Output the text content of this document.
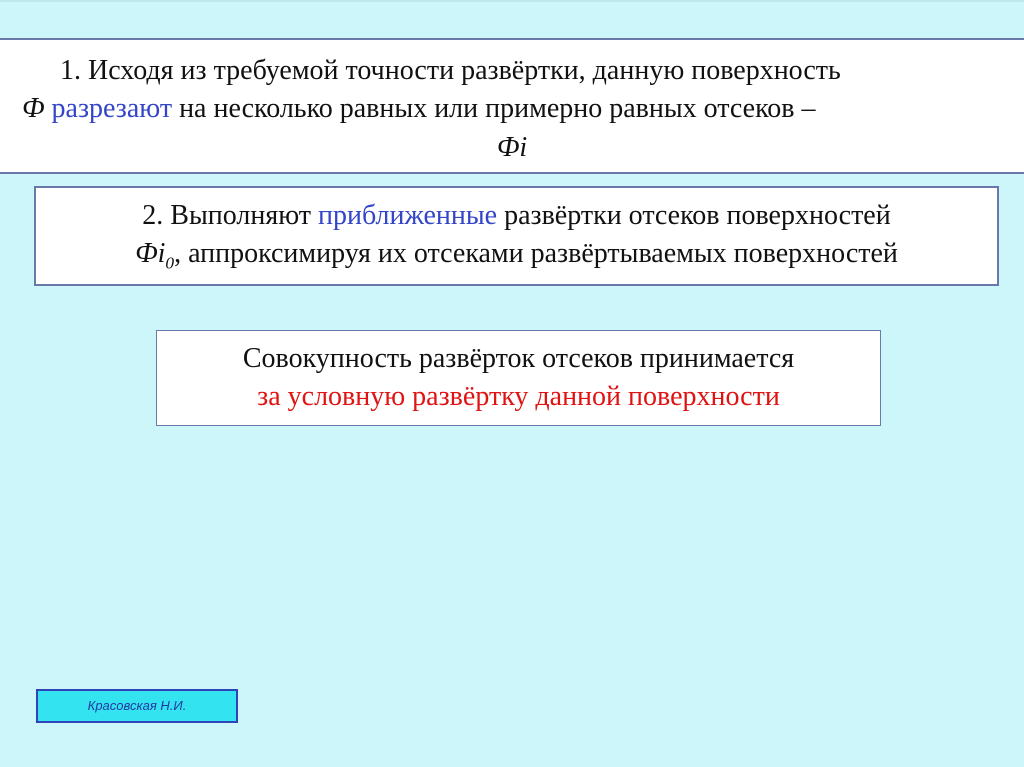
1. Исходя из требуемой точности развёртки, данную поверхность
Ф разрезают на несколько равных или примерно равных отсеков –
Фi
2. Выполняют приближенные развёртки отсеков поверхностей
$Фi_0$, аппроксимируя их отсеками развёртываемых поверхностей
Совокупность развёрток отсеков принимается
за условную развёртку данной поверхности
Красовская Н.И.
